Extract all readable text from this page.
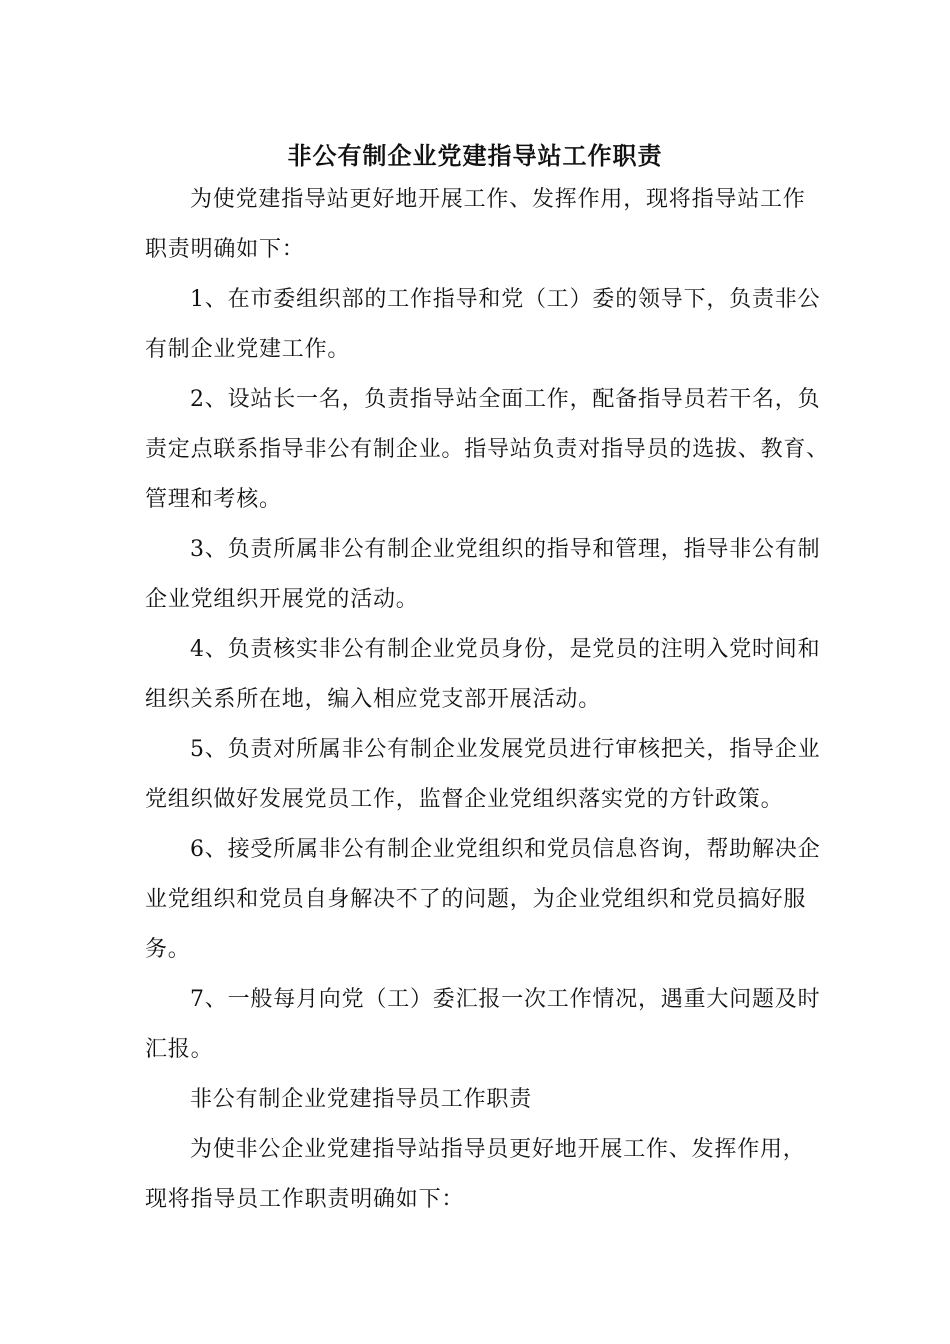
非公有制企业党建指导站工作职责
为使党建指导站更好地开展工作、发挥作用，现将指导站工作
职责明确如下：
1、在市委组织部的工作指导和党（工）委的领导下，负责非公
有制企业党建工作。
2、设站长一名，负责指导站全面工作，配备指导员若干名，负
责定点联系指导非公有制企业。指导站负责对指导员的选拔、教育、
管理和考核。
3、负责所属非公有制企业党组织的指导和管理，指导非公有制
企业党组织开展党的活动。
4、负责核实非公有制企业党员身份，是党员的注明入党时间和
组织关系所在地，编入相应党支部开展活动。
5、负责对所属非公有制企业发展党员进行审核把关，指导企业
党组织做好发展党员工作，监督企业党组织落实党的方针政策。
6、接受所属非公有制企业党组织和党员信息咨询，帮助解决企
业党组织和党员自身解决不了的问题，为企业党组织和党员搞好服
务。
7、一般每月向党（工）委汇报一次工作情况，遇重大问题及时
汇报。
非公有制企业党建指导员工作职责
为使非公企业党建指导站指导员更好地开展工作、发挥作用，
现将指导员工作职责明确如下：
